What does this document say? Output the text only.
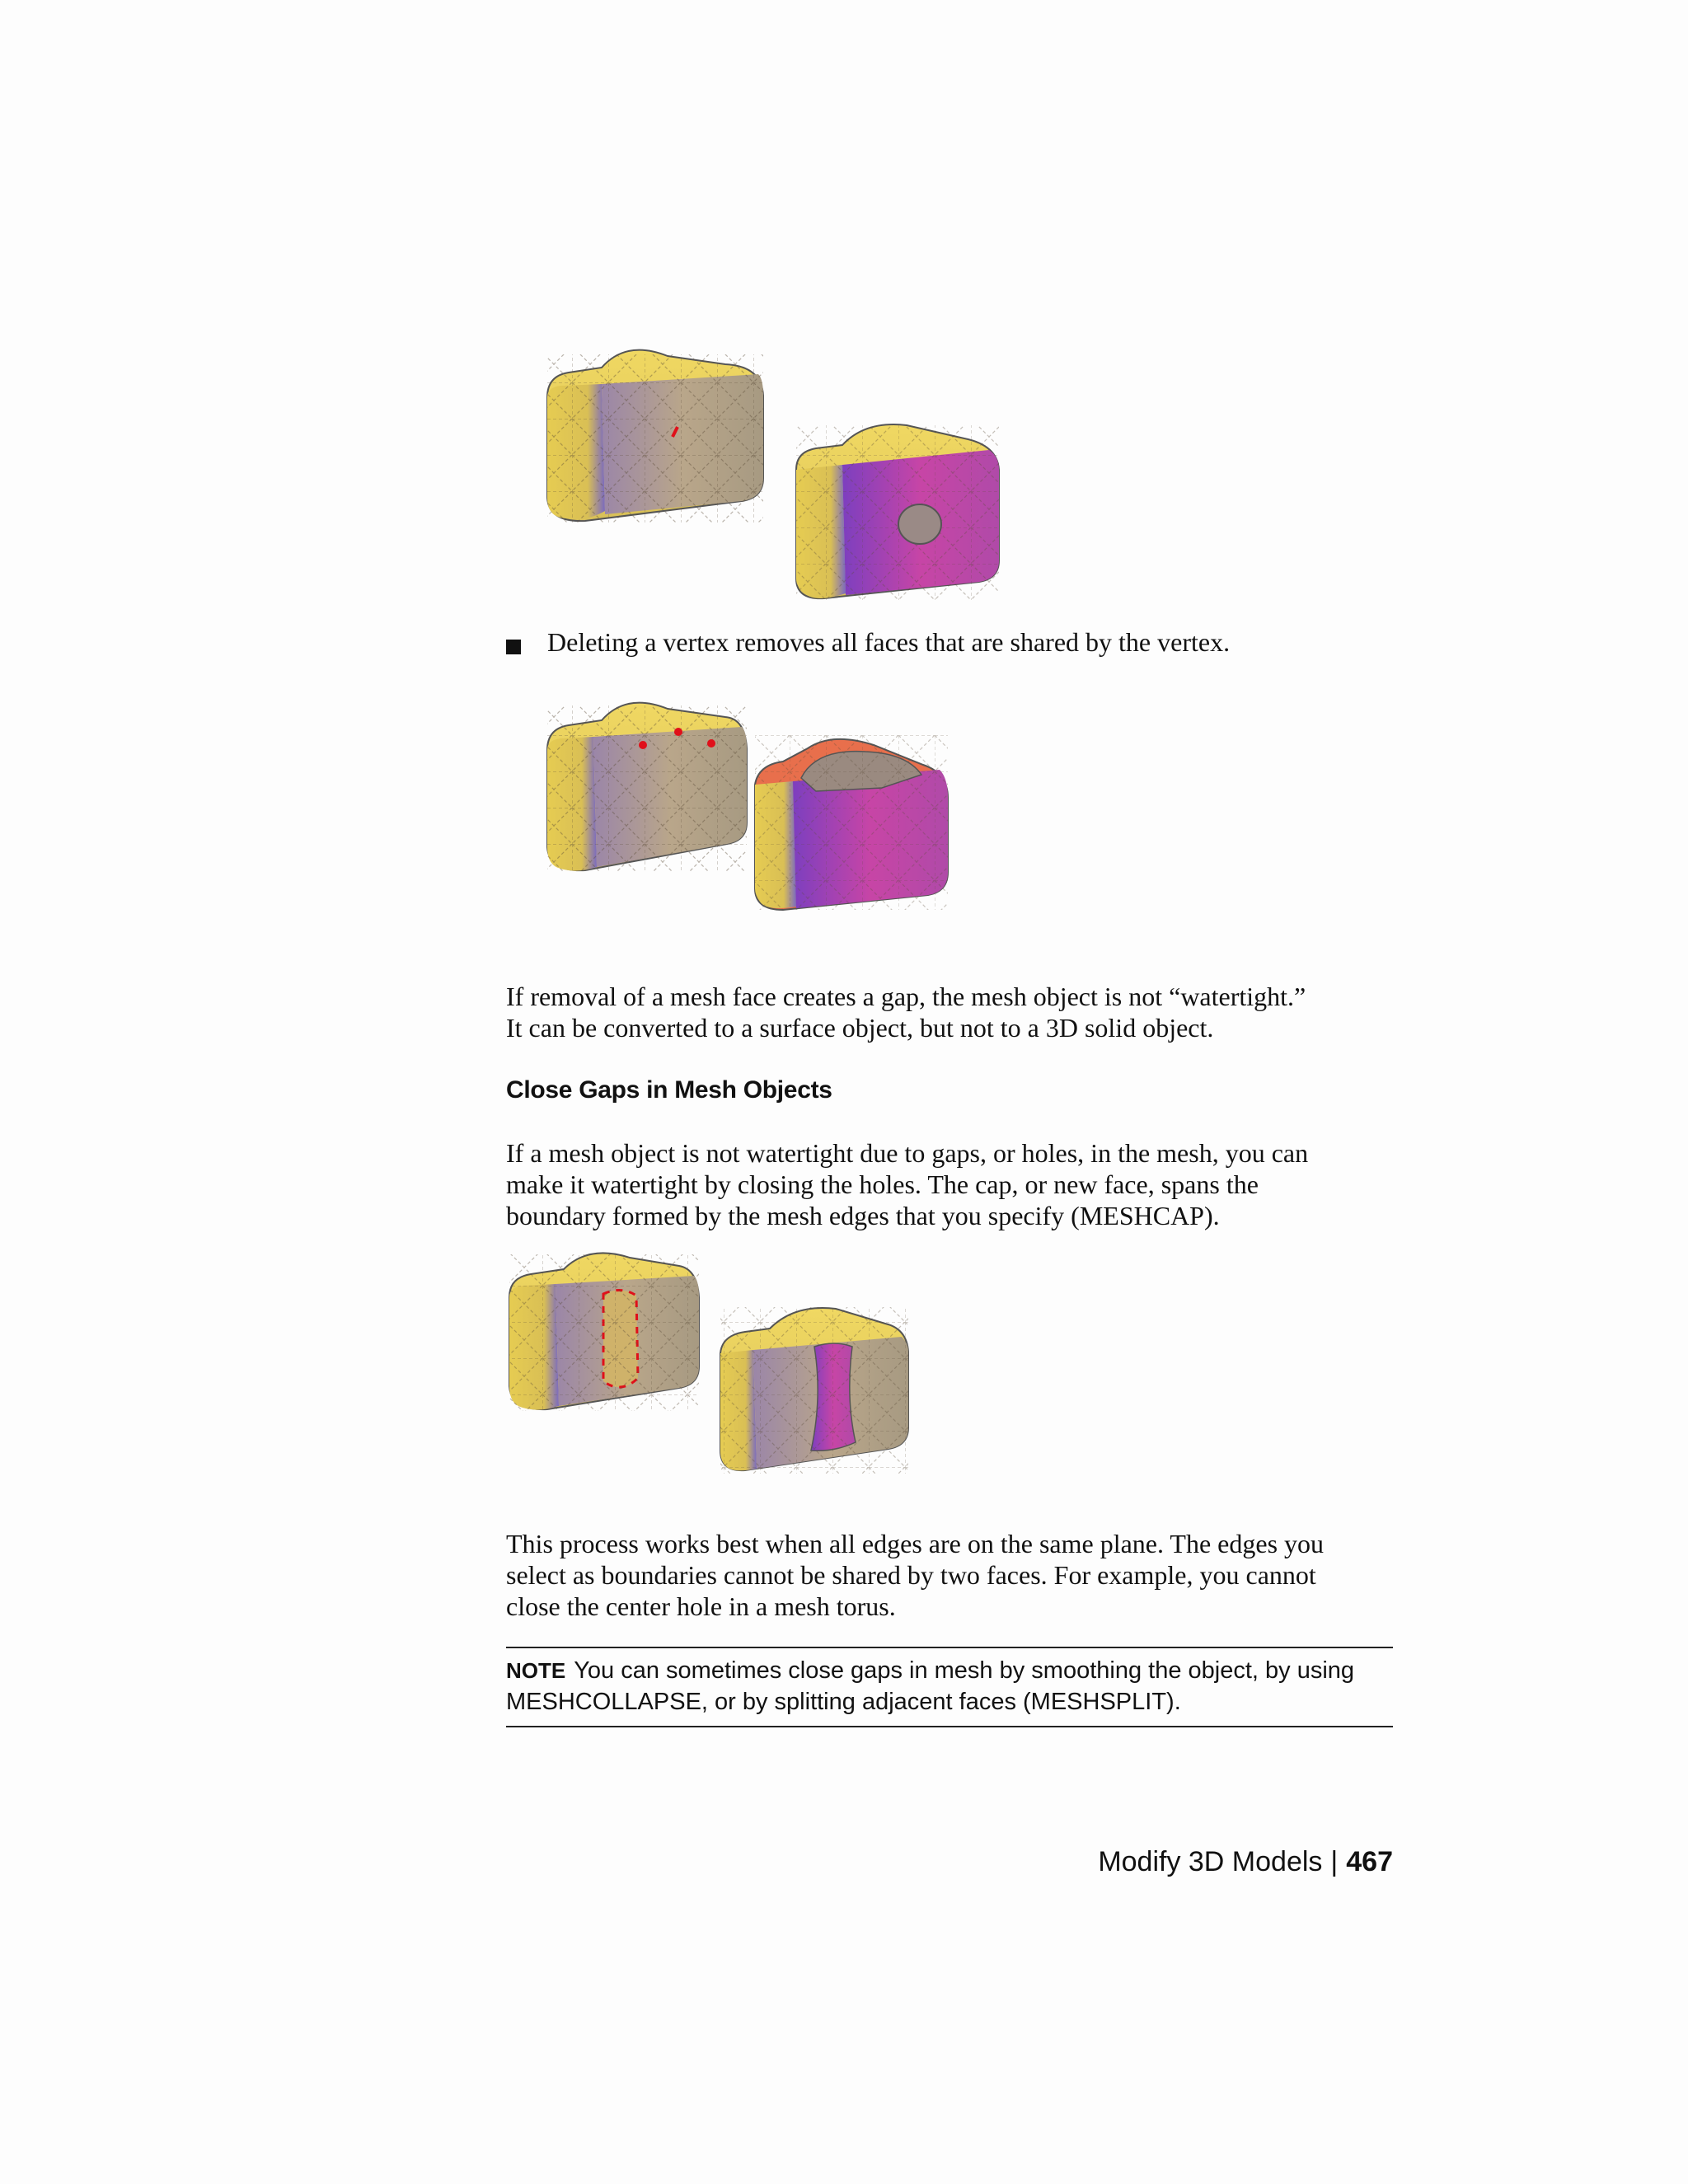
Deleting a vertex removes all faces that are shared by the vertex.
If removal of a mesh face creates a gap, the mesh object is not “watertight.”
It can be converted to a surface object, but not to a 3D solid object.
Close Gaps in Mesh Objects
If a mesh object is not watertight due to gaps, or holes, in the mesh, you can
make it watertight by closing the holes. The cap, or new face, spans the
boundary formed by the mesh edges that you specify (MESHCAP).
This process works best when all edges are on the same plane. The edges you
select as boundaries cannot be shared by two faces. For example, you cannot
close the center hole in a mesh torus.
NOTE You can sometimes close gaps in mesh by smoothing the object, by using
MESHCOLLAPSE, or by splitting adjacent faces (MESHSPLIT).
Modify 3D Models | 467
